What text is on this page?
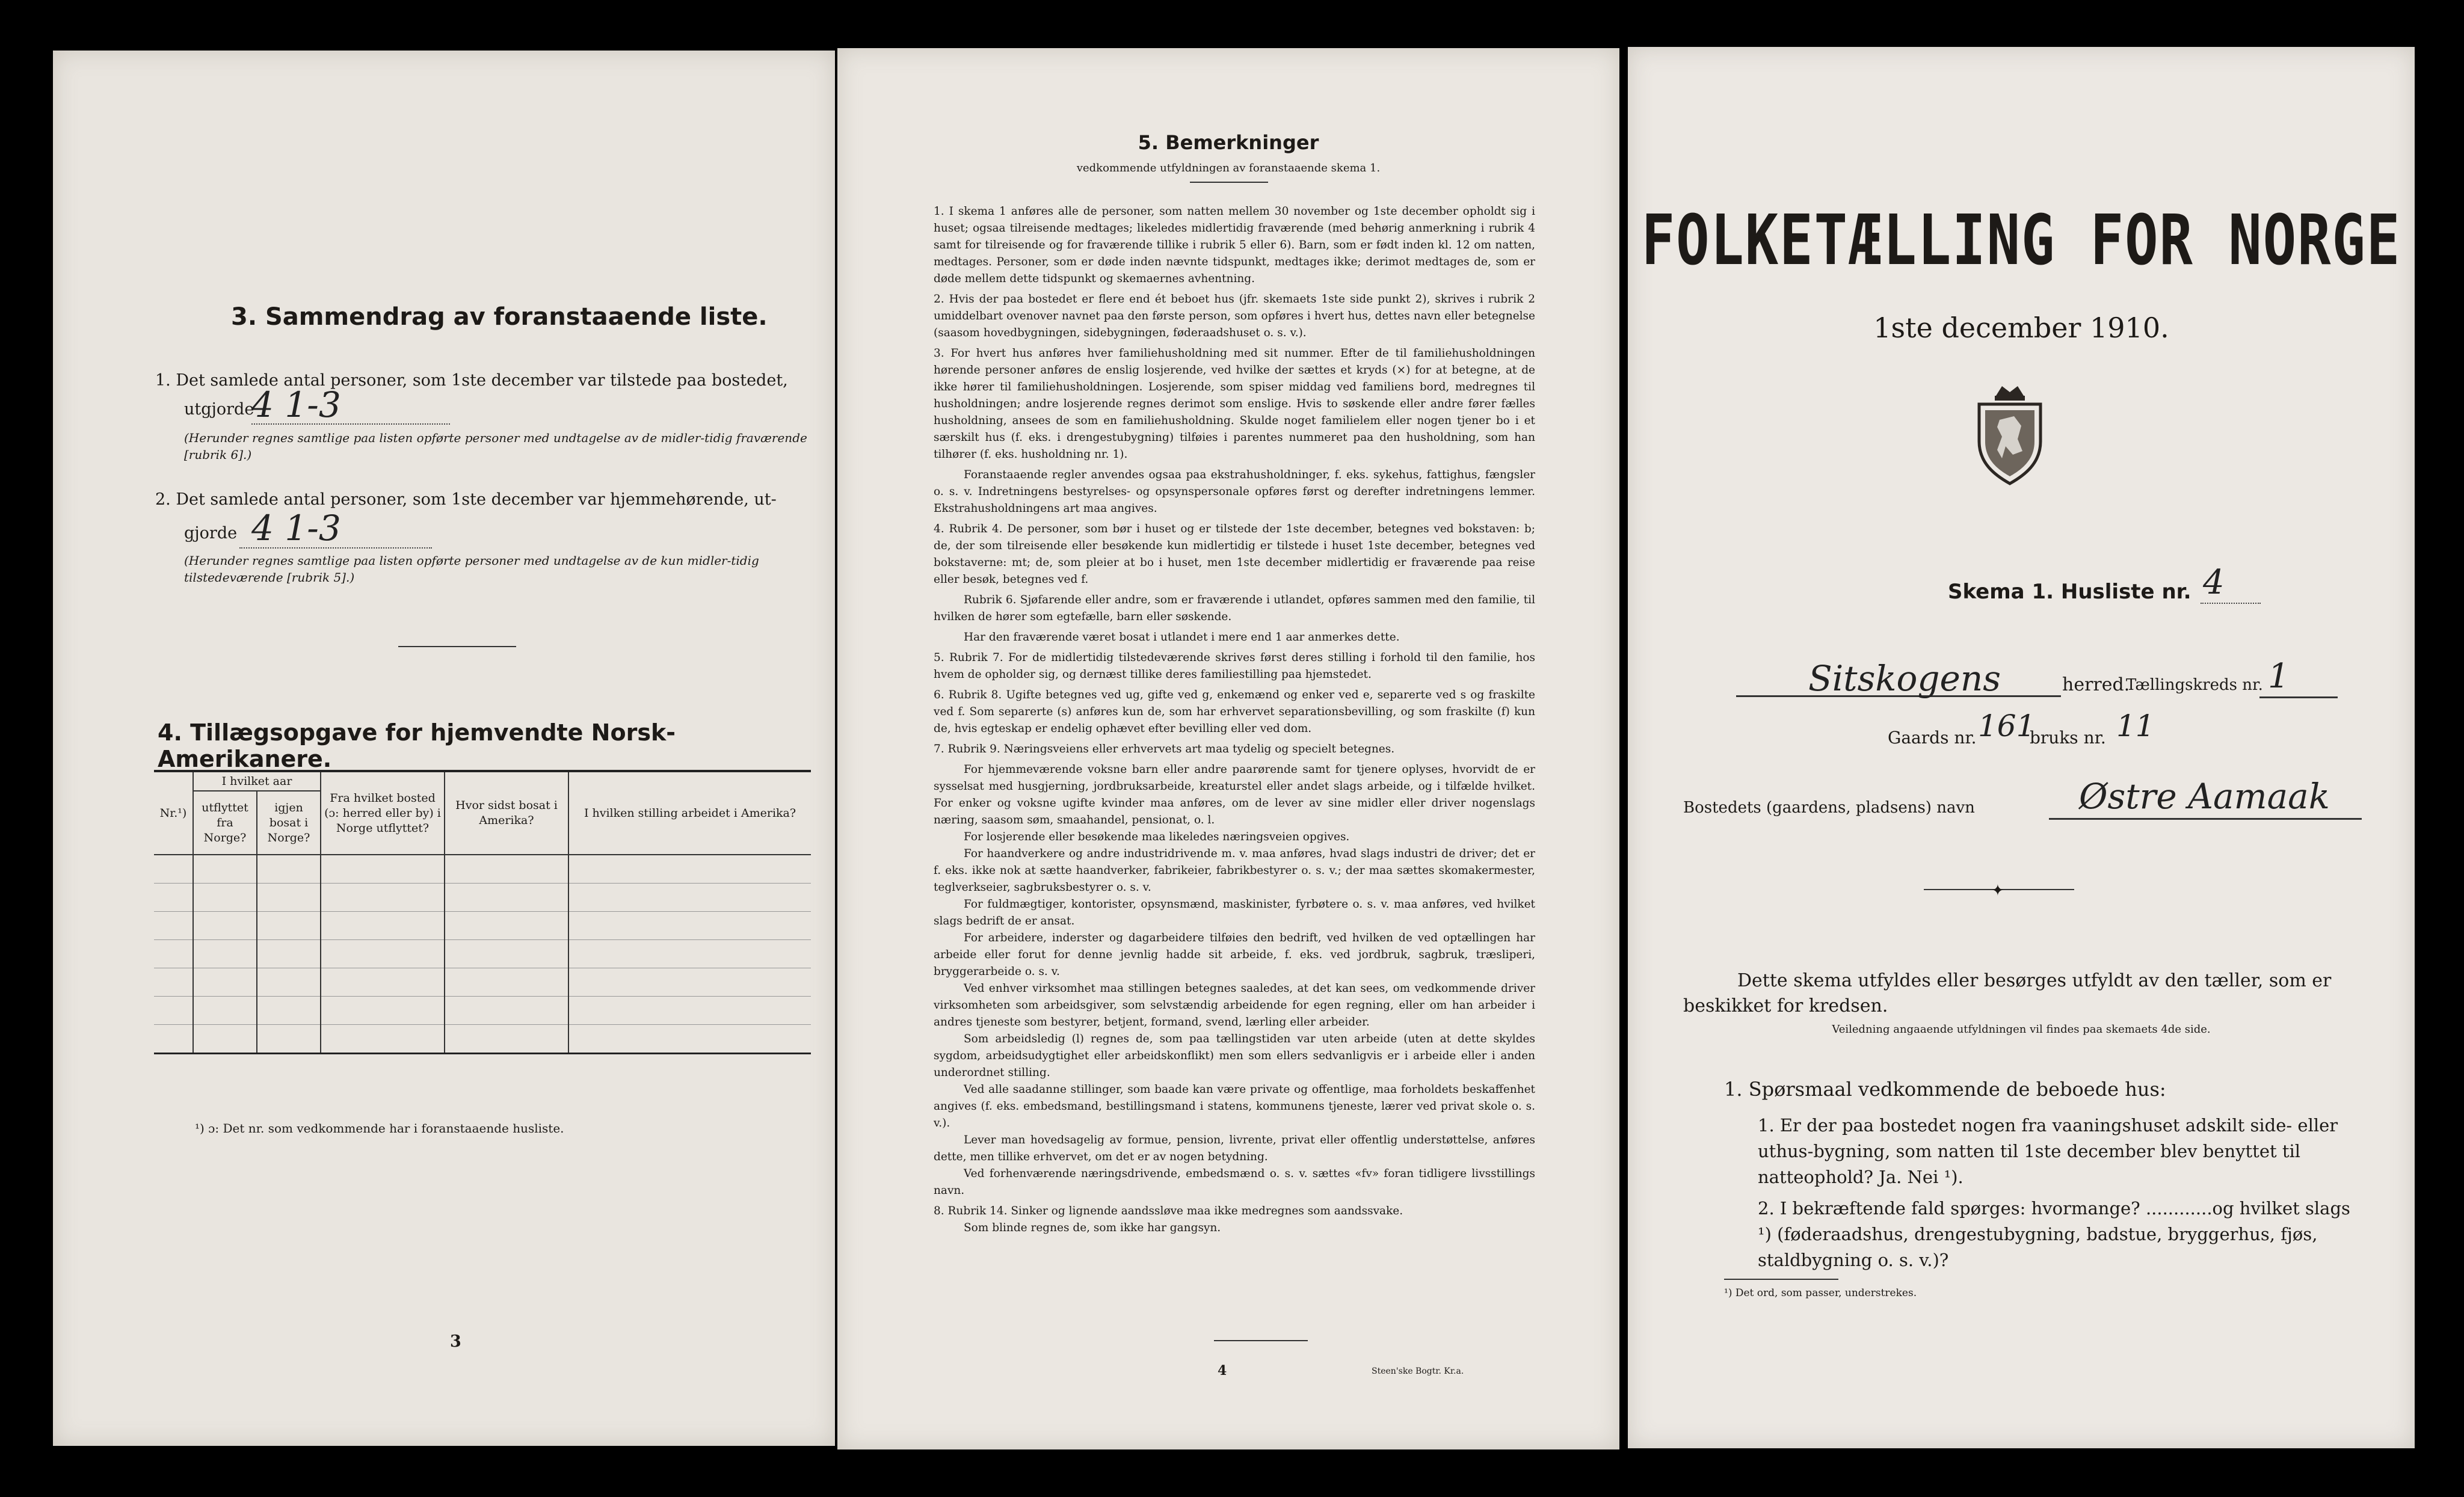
3. Sammendrag av foranstaaende liste.
1. Det samlede antal personer, som 1ste december var tilstede paa bostedet,
utgjorde
4 1-3
(Herunder regnes samtlige paa listen opførte personer med undtagelse av de midler-tidig fraværende [rubrik 6].)
2. Det samlede antal personer, som 1ste december var hjemmehørende, ut-
gjorde 4 1-3
(Herunder regnes samtlige paa listen opførte personer med undtagelse av de kun midler-tidig tilstedeværende [rubrik 5].)
4. Tillægsopgave for hjemvendte Norsk-Amerikanere.
Nr.¹)	I hvilket aar		Fra hvilket bosted (ɔ: herred eller by) i Norge utflyttet?	Hvor sidst bosat i Amerika?	I hvilken stilling arbeidet i Amerika?
	utflyttet fra Norge?	igjen bosat i Norge?			

¹) ɔ: Det nr. som vedkommende har i foranstaaende husliste.
3
5. Bemerkninger
vedkommende utfyldningen av foranstaaende skema 1.

1. I skema 1 anføres alle de personer, som natten mellem 30 november og 1ste december opholdt sig i huset; ogsaa tilreisende medtages; likeledes midlertidig fraværende (med behørig anmerkning i rubrik 4 samt for tilreisende og for fraværende tillike i rubrik 5 eller 6). Barn, som er født inden kl. 12 om natten, medtages. Personer, som er døde inden nævnte tidspunkt, medtages ikke; derimot medtages de, som er døde mellem dette tidspunkt og skemaernes avhentning.

2. Hvis der paa bostedet er flere end ét beboet hus (jfr. skemaets 1ste side punkt 2), skrives i rubrik 2 umiddelbart ovenover navnet paa den første person, som opføres i hvert hus, dettes navn eller betegnelse (saasom hovedbygningen, sidebygningen, føderaadshuset o. s. v.).

3. For hvert hus anføres hver familiehusholdning med sit nummer. Efter de til familiehusholdningen hørende personer anføres de enslig losjerende, ved hvilke der sættes et kryds (×) for at betegne, at de ikke hører til familiehusholdningen. Losjerende, som spiser middag ved familiens bord, medregnes til husholdningen; andre losjerende regnes derimot som enslige. Hvis to søskende eller andre fører fælles husholdning, ansees de som en familiehusholdning. Skulde noget familielem eller nogen tjener bo i et særskilt hus (f. eks. i drengestubygning) tilføies i parentes nummeret paa den husholdning, som han tilhører (f. eks. husholdning nr. 1).

Foranstaaende regler anvendes ogsaa paa ekstrahusholdninger, f. eks. sykehus, fattighus, fængsler o. s. v. Indretningens bestyrelses- og opsynspersonale opføres først og derefter indretningens lemmer. Ekstrahusholdningens art maa angives.

4. Rubrik 4. De personer, som bør i huset og er tilstede der 1ste december, betegnes ved bokstaven: b; de, der som tilreisende eller besøkende kun midlertidig er tilstede i huset 1ste december, betegnes ved bokstaverne: mt; de, som pleier at bo i huset, men 1ste december midlertidig er fraværende paa reise eller besøk, betegnes ved f.

Rubrik 6. Sjøfarende eller andre, som er fraværende i utlandet, opføres sammen med den familie, til hvilken de hører som egtefælle, barn eller søskende.

Har den fraværende været bosat i utlandet i mere end 1 aar anmerkes dette.

5. Rubrik 7. For de midlertidig tilstedeværende skrives først deres stilling i forhold til den familie, hos hvem de opholder sig, og dernæst tillike deres familiestilling paa hjemstedet.

6. Rubrik 8. Ugifte betegnes ved ug, gifte ved g, enkemænd og enker ved e, separerte ved s og fraskilte ved f. Som separerte (s) anføres kun de, som har erhvervet separationsbevilling, og som fraskilte (f) kun de, hvis egteskap er endelig ophævet efter bevilling eller ved dom.

7. Rubrik 9. Næringsveiens eller erhvervets art maa tydelig og specielt betegnes.

For hjemmeværende voksne barn eller andre paarørende samt for tjenere oplyses, hvorvidt de er sysselsat med husgjerning, jordbruksarbeide, kreaturstel eller andet slags arbeide, og i tilfælde hvilket. For enker og voksne ugifte kvinder maa anføres, om de lever av sine midler eller driver nogenslags næring, saasom søm, smaahandel, pensionat, o. l.

For losjerende eller besøkende maa likeledes næringsveien opgives.

For haandverkere og andre industridrivende m. v. maa anføres, hvad slags industri de driver; det er f. eks. ikke nok at sætte haandverker, fabrikeier, fabrikbestyrer o. s. v.; der maa sættes skomakermester, teglverkseier, sagbruksbestyrer o. s. v.

For fuldmægtiger, kontorister, opsynsmænd, maskinister, fyrbøtere o. s. v. maa anføres, ved hvilket slags bedrift de er ansat.

For arbeidere, inderster og dagarbeidere tilføies den bedrift, ved hvilken de ved optællingen har arbeide eller forut for denne jevnlig hadde sit arbeide, f. eks. ved jordbruk, sagbruk, træsliperi, bryggerarbeide o. s. v.

Ved enhver virksomhet maa stillingen betegnes saaledes, at det kan sees, om vedkommende driver virksomheten som arbeidsgiver, som selvstændig arbeidende for egen regning, eller om han arbeider i andres tjeneste som bestyrer, betjent, formand, svend, lærling eller arbeider.

Som arbeidsledig (l) regnes de, som paa tællingstiden var uten arbeide (uten at dette skyldes sygdom, arbeidsudygtighet eller arbeidskonflikt) men som ellers sedvanligvis er i arbeide eller i anden underordnet stilling.

Ved alle saadanne stillinger, som baade kan være private og offentlige, maa forholdets beskaffenhet angives (f. eks. embedsmand, bestillingsmand i statens, kommunens tjeneste, lærer ved privat skole o. s. v.).

Lever man hovedsagelig av formue, pension, livrente, privat eller offentlig understøttelse, anføres dette, men tillike erhvervet, om det er av nogen betydning.

Ved forhenværende næringsdrivende, embedsmænd o. s. v. sættes «fv» foran tidligere livsstillings navn.

8. Rubrik 14. Sinker og lignende aandssløve maa ikke medregnes som aandssvake.

Som blinde regnes de, som ikke har gangsyn.

4	Steen'ske Bogtr. Kr.a.
FOLKETÆLLING FOR NORGE
1ste december 1910.
Skema 1. Husliste nr. 4
Sitskogens	herred.
Tællingskreds nr. 1
Gaards nr. 161
bruks nr. 11
Bostedets (gaardens, pladsens) navn	Østre Aamaak
✦
Dette skema utfyldes eller besørges utfyldt av den tæller, som er beskikket for kredsen.
Veiledning angaaende utfyldningen vil findes paa skemaets 4de side.
1. Spørsmaal vedkommende de beboede hus:
1. Er der paa bostedet nogen fra vaaningshuset adskilt side- eller uthus-bygning, som natten til 1ste december blev benyttet til natteophold? Ja. Nei ¹).
2. I bekræftende fald spørges: hvormange? ............og hvilket slags ¹) (føderaadshus, drengestubygning, badstue, bryggerhus, fjøs, staldbygning o. s. v.)?
¹) Det ord, som passer, understrekes.
